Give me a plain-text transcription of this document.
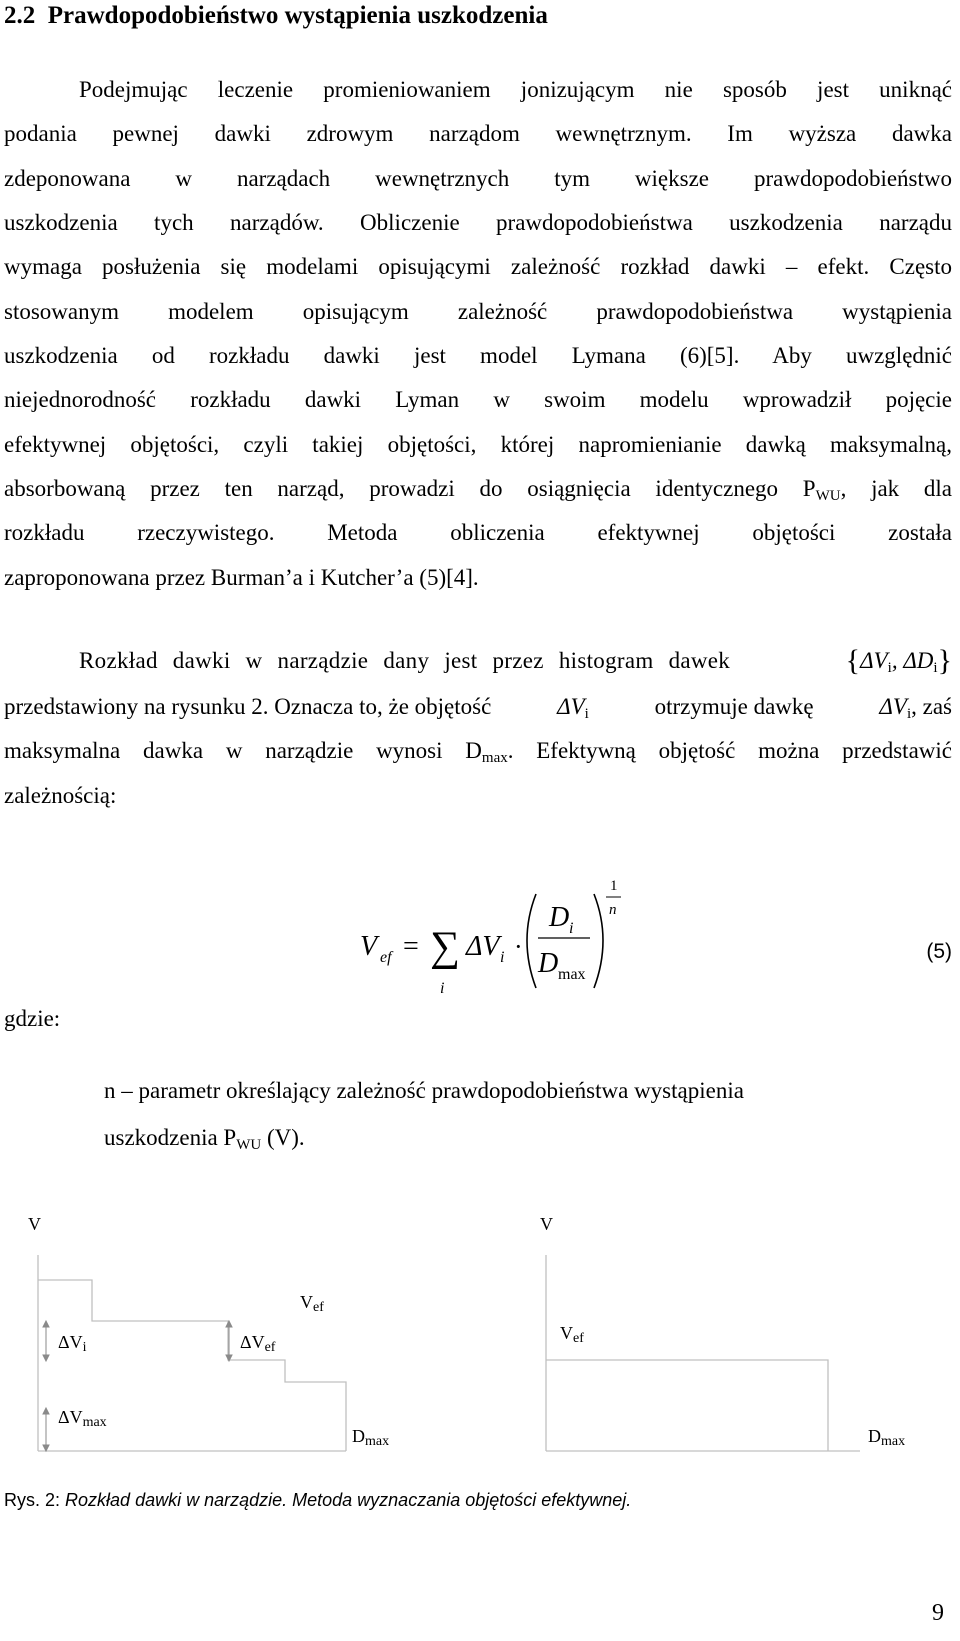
2.2 Prawdopodobieństwo wystąpienia uszkodzenia
Podejmując leczenie promieniowaniem jonizującym nie sposób jest uniknąć
podania pewnej dawki zdrowym narządom wewnętrznym. Im wyższa dawka
zdeponowana w narządach wewnętrznych tym większe prawdopodobieństwo
uszkodzenia tych narządów. Obliczenie prawdopodobieństwa uszkodzenia narządu
wymaga posłużenia się modelami opisującymi zależność rozkład dawki – efekt. Często
stosowanym modelem opisującym zależność prawdopodobieństwa wystąpienia
uszkodzenia od rozkładu dawki jest model Lymana (6)[5]. Aby uwzględnić
niejednorodność rozkładu dawki Lyman w swoim modelu wprowadził pojęcie
efektywnej objętości, czyli takiej objętości, której napromienianie dawką maksymalną,
absorbowaną przez ten narząd, prowadzi do osiągnięcia identycznego $P_{WU}$, jak dla
rozkładu rzeczywistego. Metoda obliczenia efektywnej objętości została
zaproponowana przez Burman’a i Kutcher’a (5)[4].
Rozkład dawki w narządzie dany jest przez histogram dawek	{$\Delta V_i$, $\Delta D_i$}
przedstawiony na rysunku 2. Oznacza to, że objętość	$\Delta V_i$	otrzymuje dawkę	$\Delta V_i$, zaś
maksymalna dawka w narządzie wynosi $D_{max}$. Efektywną objętość można przedstawić
zależnością:
V ef = ∑
i
ΔV i ·
D i
D max
1
n
(5)
gdzie:
n – parametr określający zależność prawdopodobieństwa wystąpienia
uszkodzenia $P_{WU}$ (V).
V
ΔVi	ΔVef
ΔVmax
Vef
Dmax
V
Vef
Dmax
Rys. 2: Rozkład dawki w narządzie. Metoda wyznaczania objętości efektywnej.
9
